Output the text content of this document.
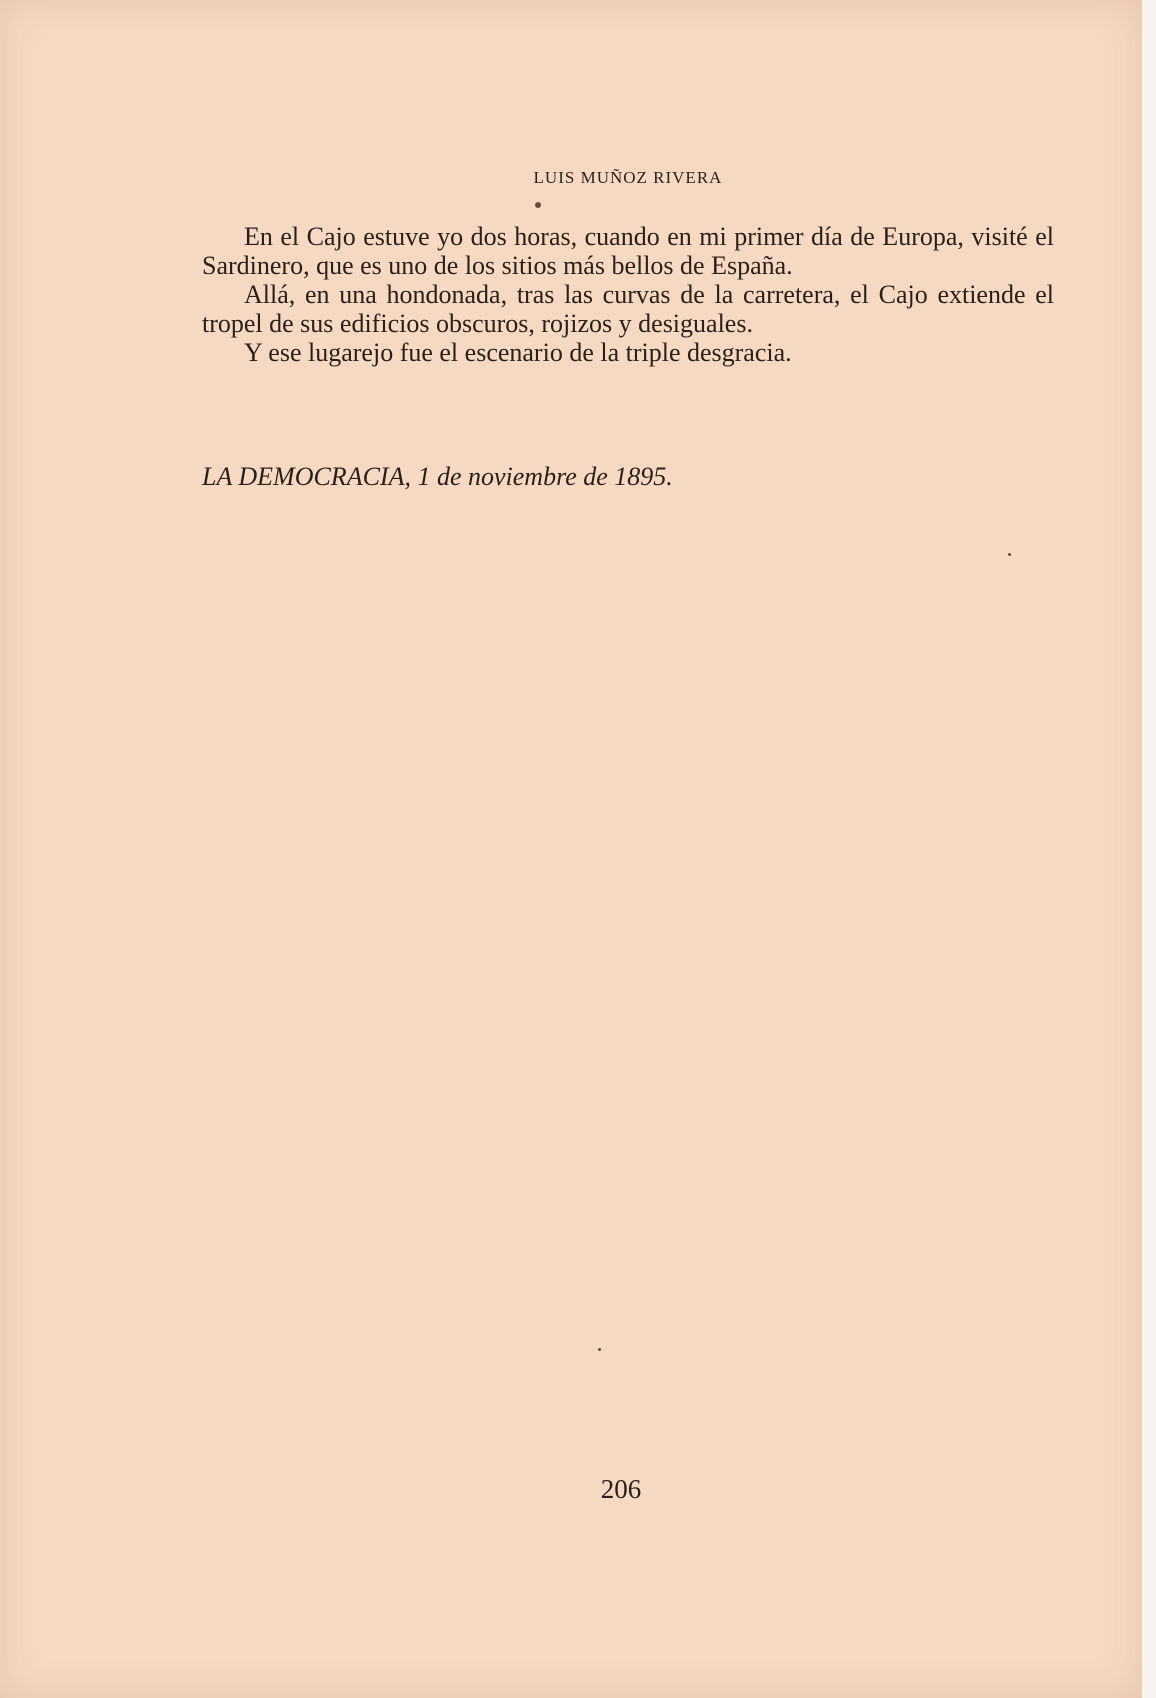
LUIS MUÑOZ RIVERA

En el Cajo estuve yo dos horas, cuando en mi primer día de Europa, visité el Sardinero, que es uno de los sitios más bellos de España.

Allá, en una hondonada, tras las curvas de la carretera, el Cajo extiende el tropel de sus edificios obscuros, rojizos y desiguales.

Y ese lugarejo fue el escenario de la triple desgracia.

LA DEMOCRACIA, 1 de noviembre de 1895.
206
